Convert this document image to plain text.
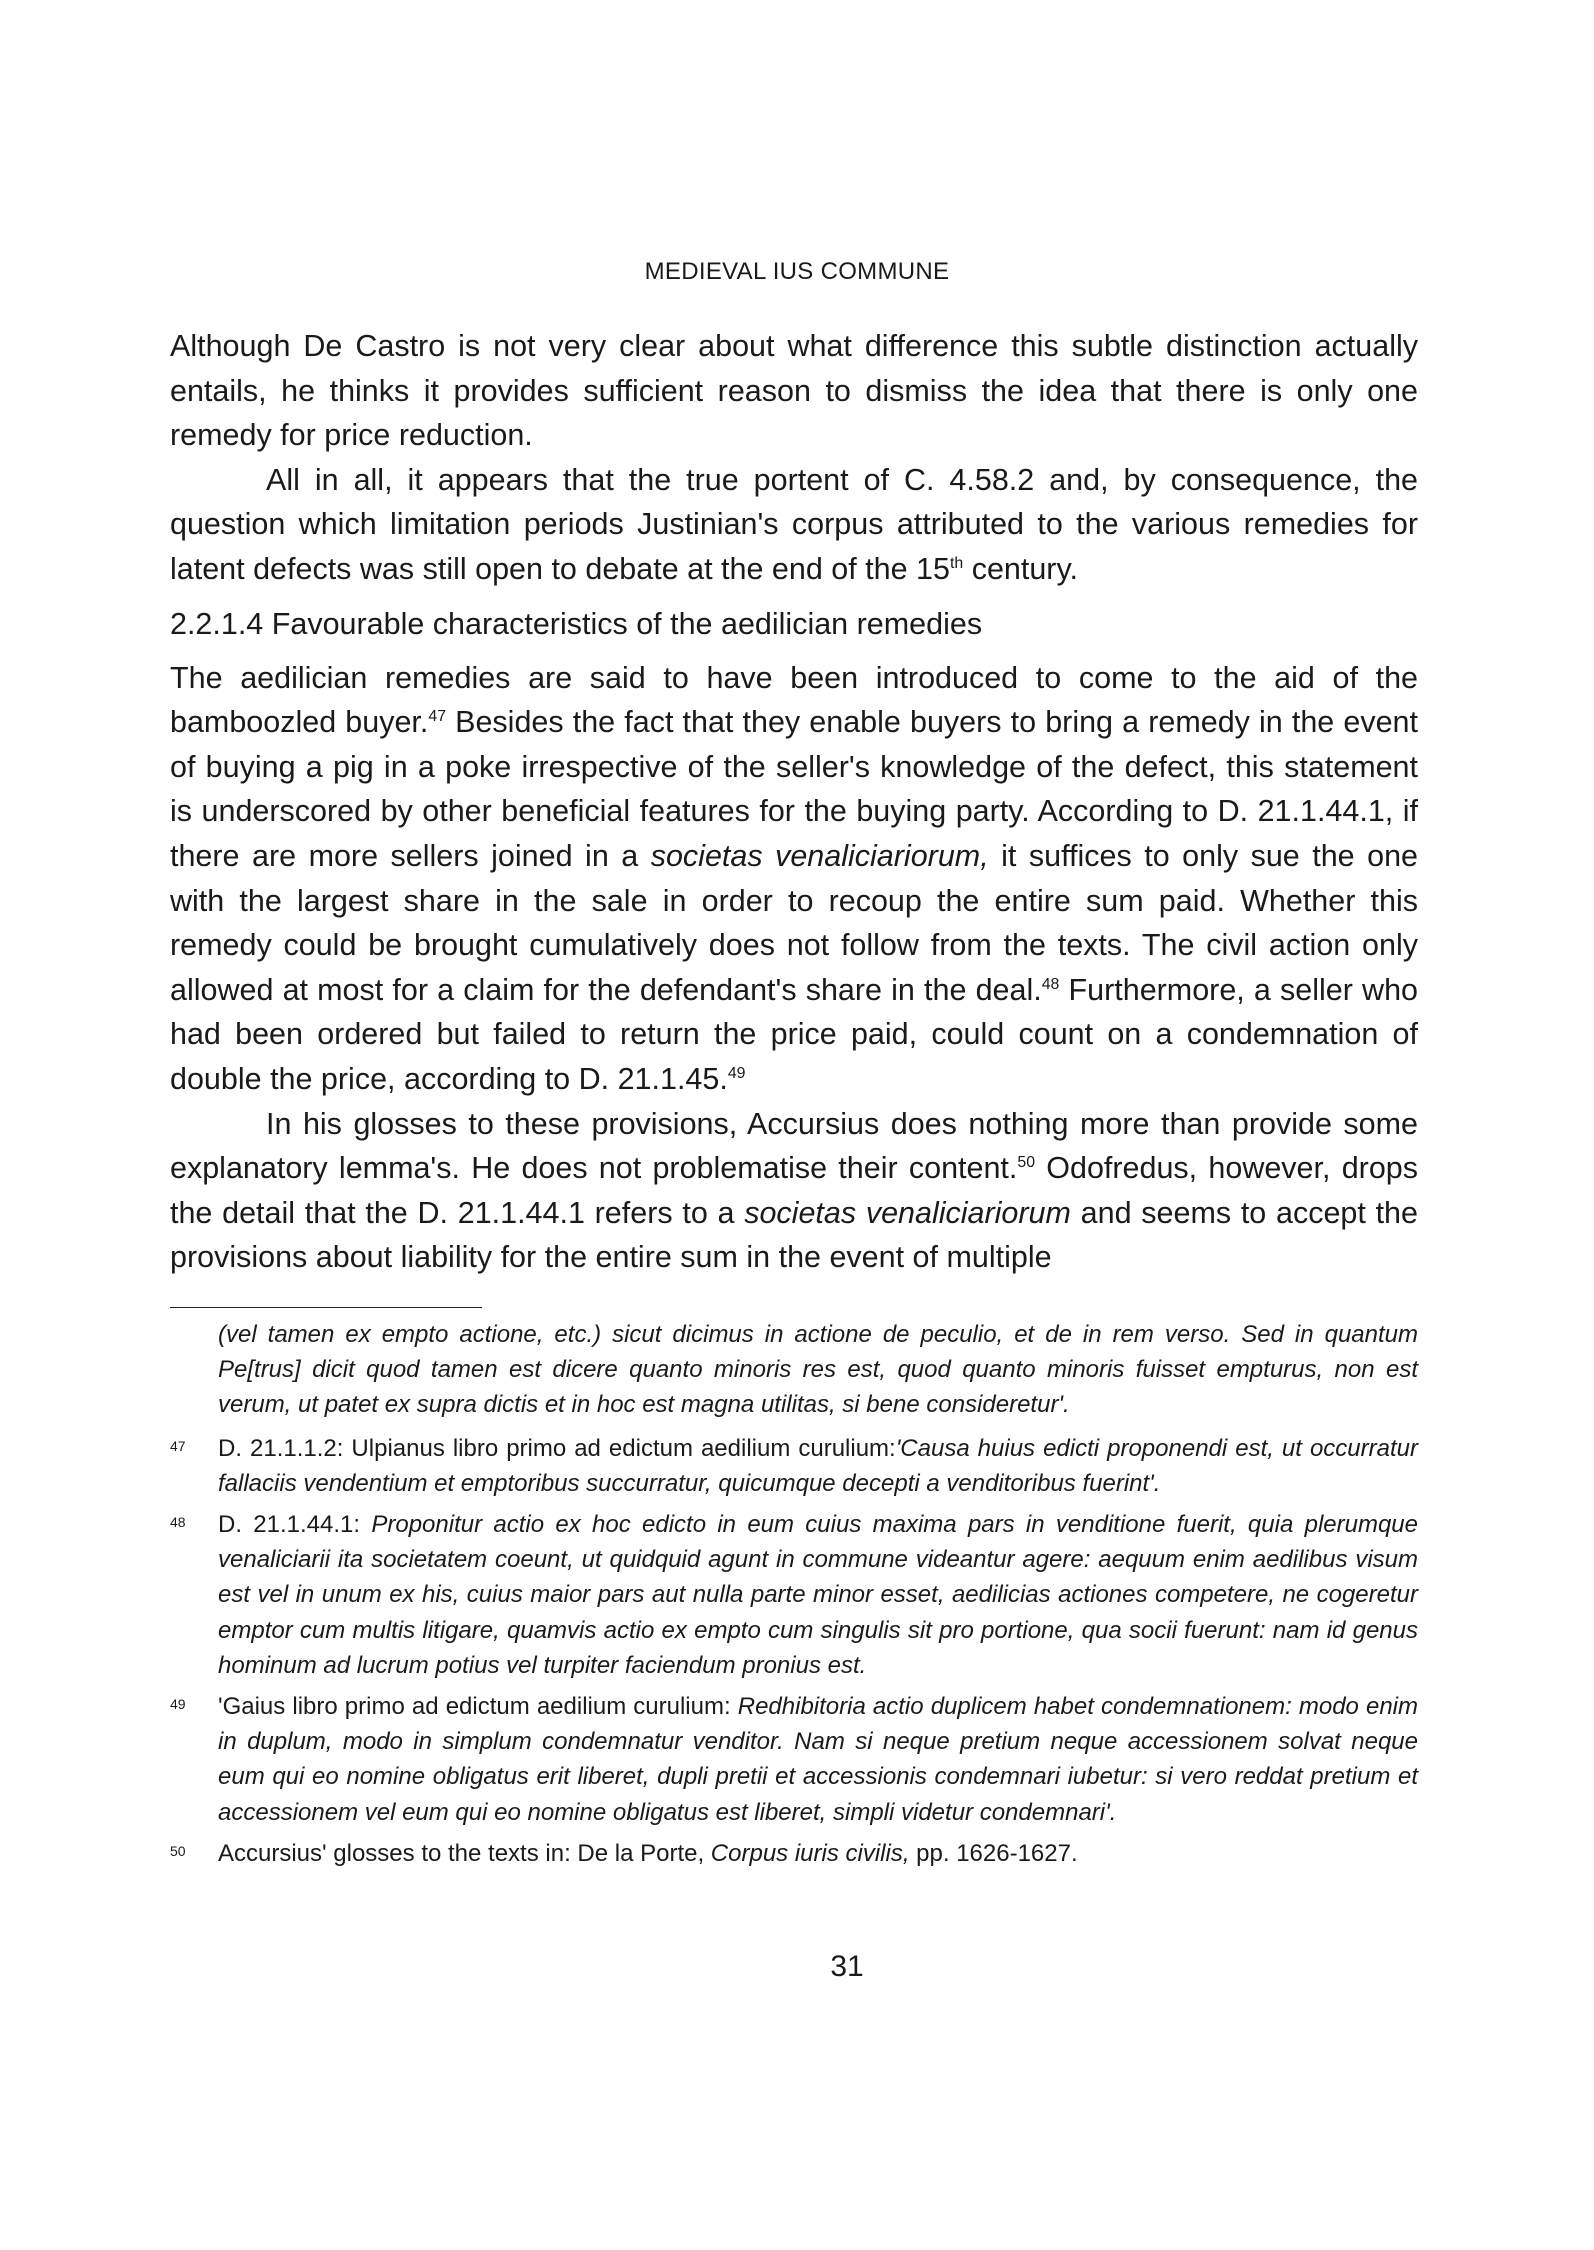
MEDIEVAL IUS COMMUNE

Although De Castro is not very clear about what difference this subtle distinction actually entails, he thinks it provides sufficient reason to dismiss the idea that there is only one remedy for price reduction.

All in all, it appears that the true portent of C. 4.58.2 and, by consequence, the question which limitation periods Justinian's corpus attributed to the various remedies for latent defects was still open to debate at the end of the 15th century.

2.2.1.4 Favourable characteristics of the aedilician remedies

The aedilician remedies are said to have been introduced to come to the aid of the bamboozled buyer.$^{47}$ Besides the fact that they enable buyers to bring a remedy in the event of buying a pig in a poke irrespective of the seller's knowledge of the defect, this statement is underscored by other beneficial features for the buying party. According to D. 21.1.44.1, if there are more sellers joined in a societas venaliciariorum, it suffices to only sue the one with the largest share in the sale in order to recoup the entire sum paid. Whether this remedy could be brought cumulatively does not follow from the texts. The civil action only allowed at most for a claim for the defendant's share in the deal.$^{48}$ Furthermore, a seller who had been ordered but failed to return the price paid, could count on a condemnation of double the price, according to D. 21.1.45.49

In his glosses to these provisions, Accursius does nothing more than provide some explanatory lemma's. He does not problematise their content.$^{50}$ Odofredus, however, drops the detail that the D. 21.1.44.1 refers to a societas venaliciariorum and seems to accept the provisions about liability for the entire sum in the event of multiple

(vel tamen ex empto actione, etc.) sicut dicimus in actione de peculio, et de in rem verso. Sed in quantum Pe[trus] dicit quod tamen est dicere quanto minoris res est, quod quanto minoris fuisset empturus, non est verum, ut patet ex supra dictis et in hoc est magna utilitas, si bene consideretur'.
47 D. 21.1.1.2: Ulpianus libro primo ad edictum aedilium curulium:'Causa huius edicti proponendi est, ut occurratur fallaciis vendentium et emptoribus succurratur, quicumque decepti a venditoribus fuerint'.
48 D. 21.1.44.1: Proponitur actio ex hoc edicto in eum cuius maxima pars in venditione fuerit, quia plerumque venaliciarii ita societatem coeunt, ut quidquid agunt in commune videantur agere: aequum enim aedilibus visum est vel in unum ex his, cuius maior pars aut nulla parte minor esset, aedilicias actiones competere, ne cogeretur emptor cum multis litigare, quamvis actio ex empto cum singulis sit pro portione, qua socii fuerunt: nam id genus hominum ad lucrum potius vel turpiter faciendum pronius est.
49 'Gaius libro primo ad edictum aedilium curulium: Redhibitoria actio duplicem habet condemnationem: modo enim in duplum, modo in simplum condemnatur venditor. Nam si neque pretium neque accessionem solvat neque eum qui eo nomine obligatus erit liberet, dupli pretii et accessionis condemnari iubetur: si vero reddat pretium et accessionem vel eum qui eo nomine obligatus est liberet, simpli videtur condemnari'.
50 Accursius' glosses to the texts in: De la Porte, Corpus iuris civilis, pp. 1626-1627.
31
